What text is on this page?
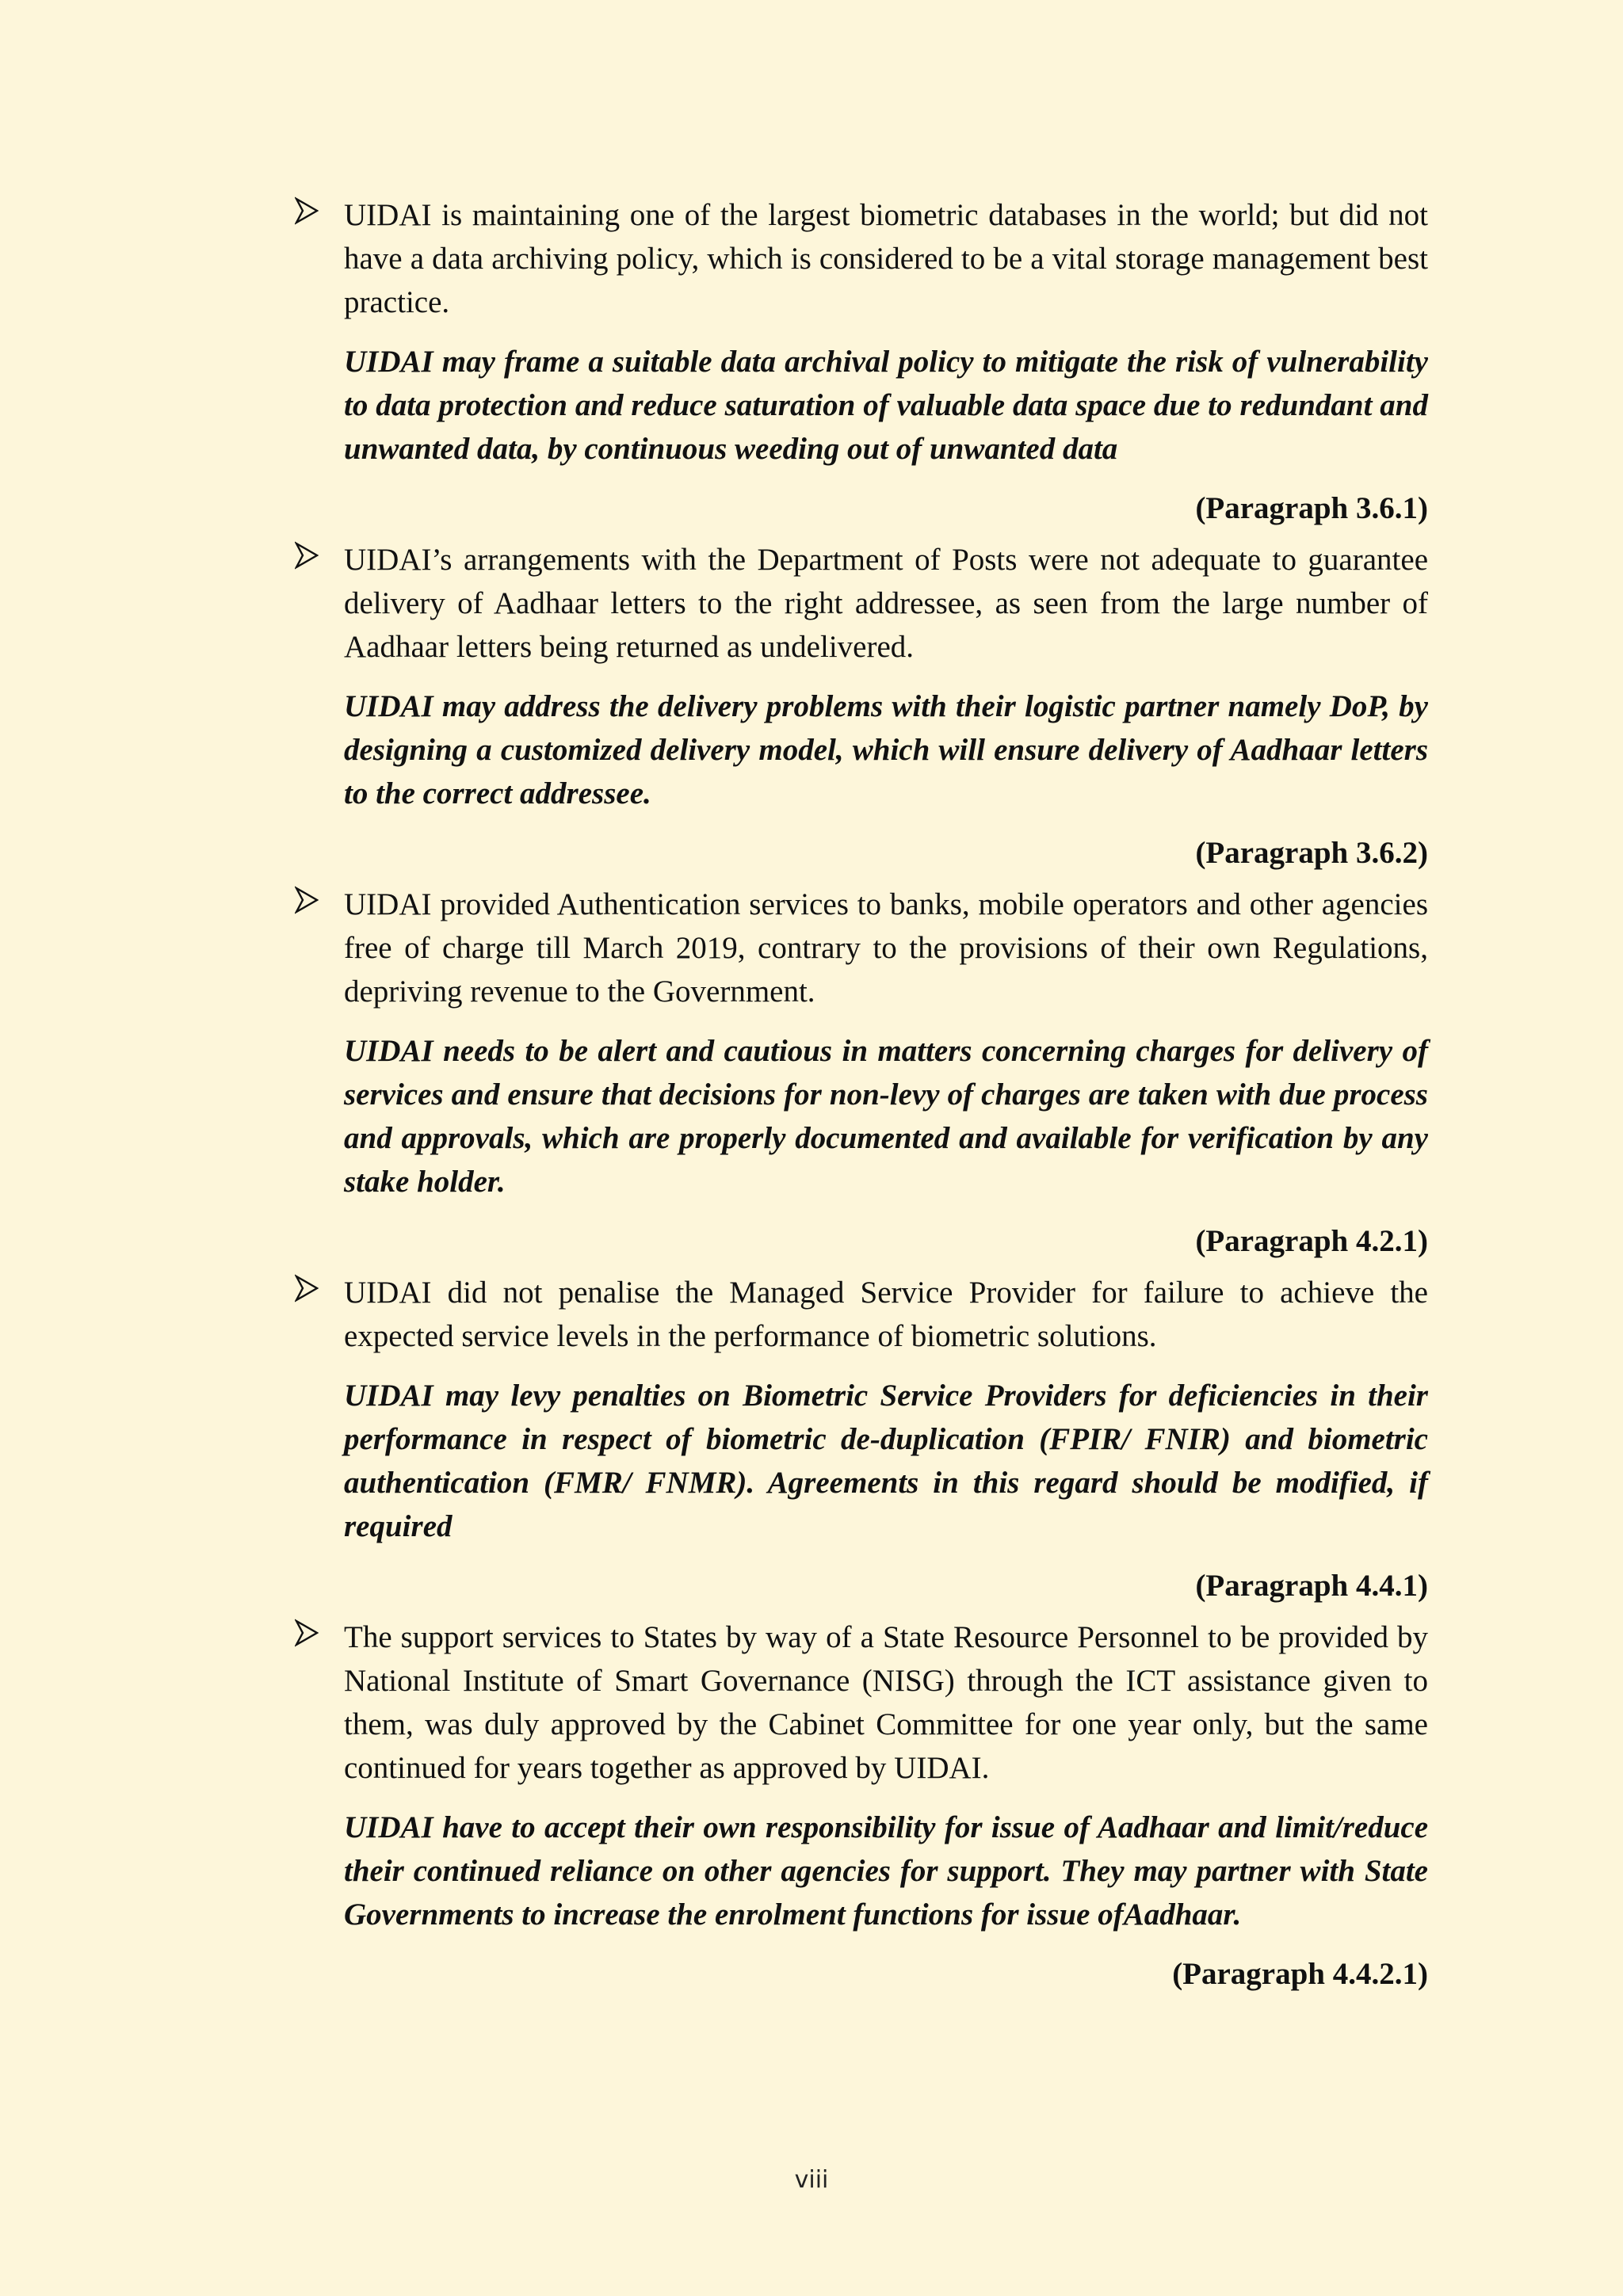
UIDAI is maintaining one of the largest biometric databases in the world; but did not have a data archiving policy, which is considered to be a vital storage management best practice.

UIDAI may frame a suitable data archival policy to mitigate the risk of vulnerability to data protection and reduce saturation of valuable data space due to redundant and unwanted data, by continuous weeding out of unwanted data

(Paragraph 3.6.1)

UIDAI’s arrangements with the Department of Posts were not adequate to guarantee delivery of Aadhaar letters to the right addressee, as seen from the large number of Aadhaar letters being returned as undelivered.

UIDAI may address the delivery problems with their logistic partner namely DoP, by designing a customized delivery model, which will ensure delivery of Aadhaar letters to the correct addressee.

(Paragraph 3.6.2)

UIDAI provided Authentication services to banks, mobile operators and other agencies free of charge till March 2019, contrary to the provisions of their own Regulations, depriving revenue to the Government.

UIDAI needs to be alert and cautious in matters concerning charges for delivery of services and ensure that decisions for non-levy of charges are taken with due process and approvals, which are properly documented and available for verification by any stake holder.

(Paragraph 4.2.1)

UIDAI did not penalise the Managed Service Provider for failure to achieve the expected service levels in the performance of biometric solutions.

UIDAI may levy penalties on Biometric Service Providers for deficiencies in their performance in respect of biometric de-duplication (FPIR/ FNIR) and biometric authentication (FMR/ FNMR). Agreements in this regard should be modified, if required

(Paragraph 4.4.1)

The support services to States by way of a State Resource Personnel to be provided by National Institute of Smart Governance (NISG) through the ICT assistance given to them, was duly approved by the Cabinet Committee for one year only, but the same continued for years together as approved by UIDAI.

UIDAI have to accept their own responsibility for issue of Aadhaar and limit/reduce their continued reliance on other agencies for support. They may partner with State Governments to increase the enrolment functions for issue ofAadhaar.

(Paragraph 4.4.2.1)

viii
